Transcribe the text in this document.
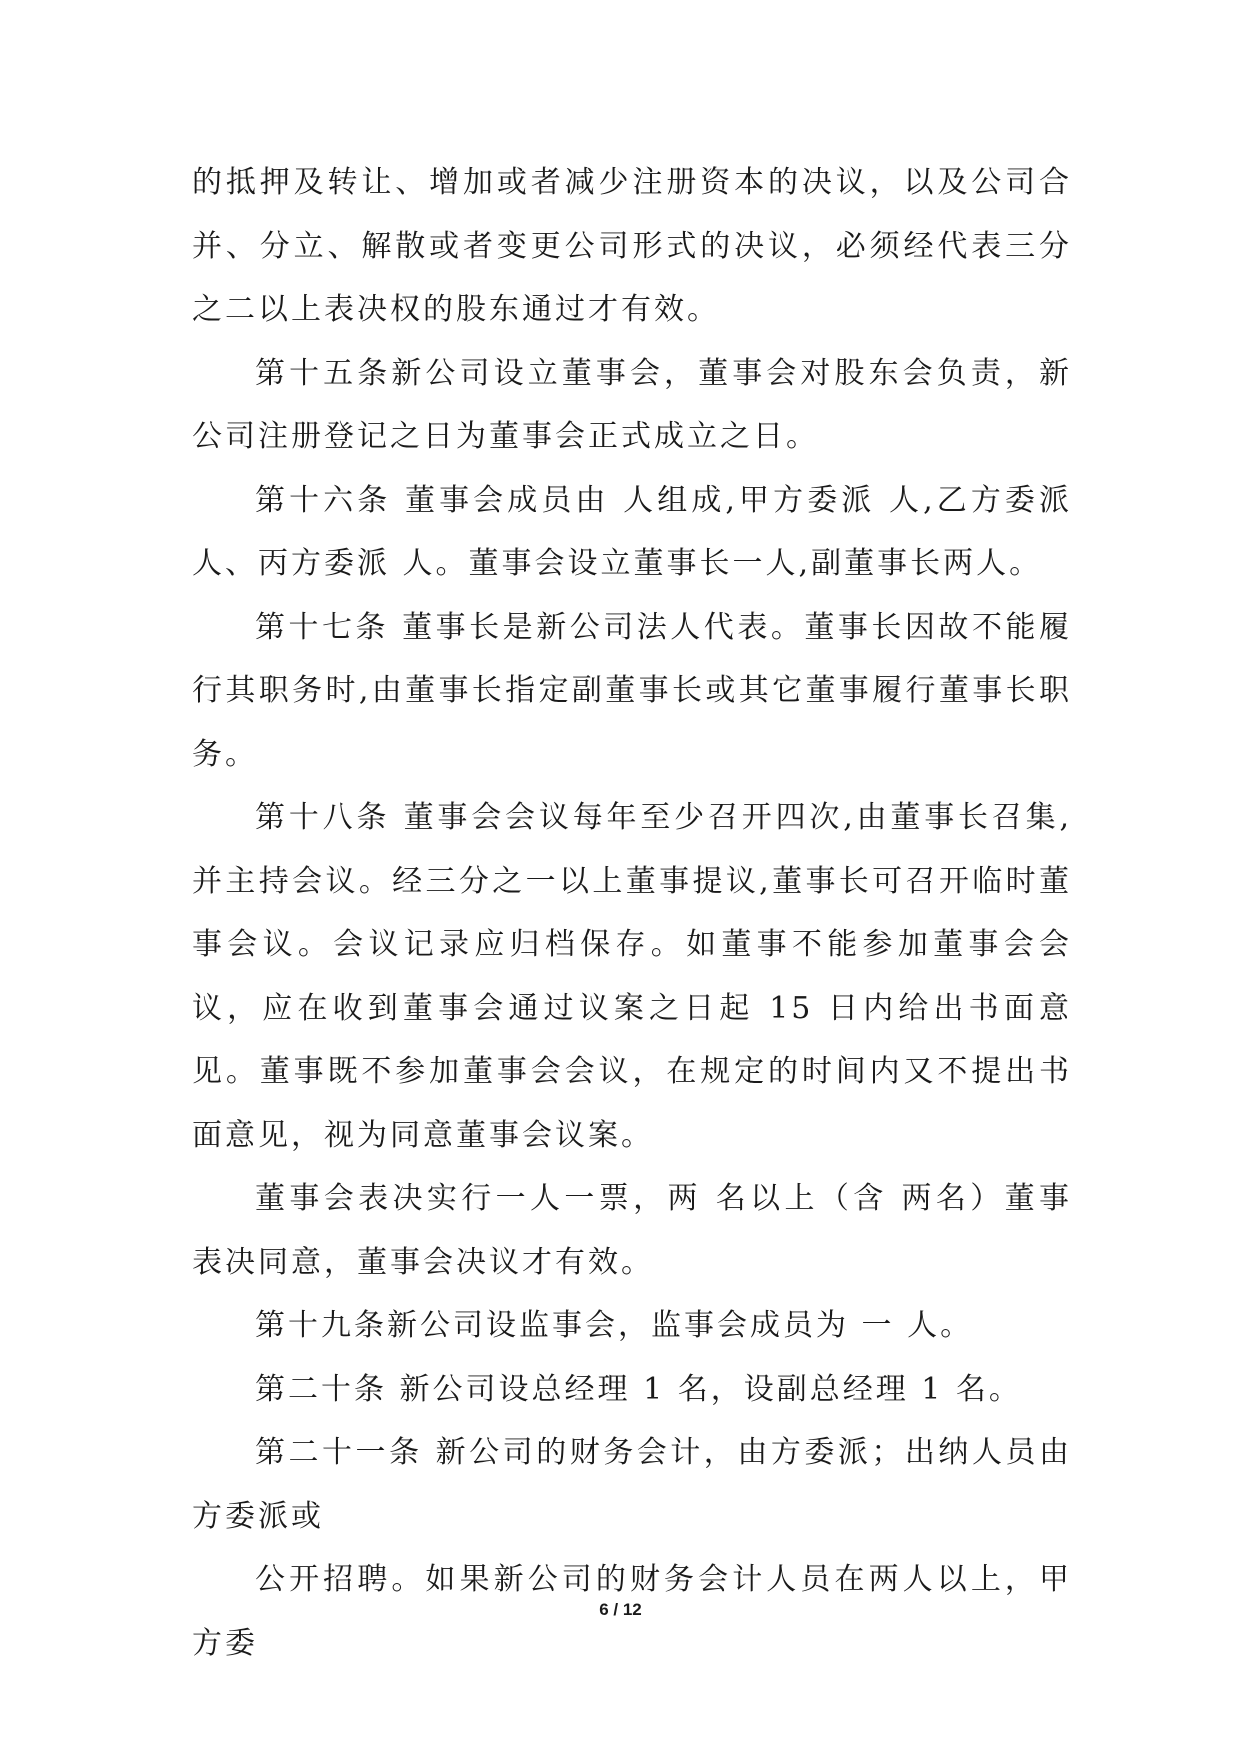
的抵押及转让、增加或者减少注册资本的决议，以及公司合并、分立、解散或者变更公司形式的决议，必须经代表三分之二以上表决权的股东通过才有效。

第十五条新公司设立董事会，董事会对股东会负责，新公司注册登记之日为董事会正式成立之日。

第十六条 董事会成员由 人组成,甲方委派 人,乙方委派 人、丙方委派 人。董事会设立董事长一人,副董事长两人。

第十七条 董事长是新公司法人代表。董事长因故不能履行其职务时,由董事长指定副董事长或其它董事履行董事长职务。

第十八条 董事会会议每年至少召开四次,由董事长召集,并主持会议。经三分之一以上董事提议,董事长可召开临时董事会议。会议记录应归档保存。如董事不能参加董事会会议，应在收到董事会通过议案之日起 15 日内给出书面意见。董事既不参加董事会会议，在规定的时间内又不提出书面意见，视为同意董事会议案。

董事会表决实行一人一票，两 名以上（含 两名）董事表决同意，董事会决议才有效。

第十九条新公司设监事会，监事会成员为 一 人。

第二十条 新公司设总经理 1 名，设副总经理 1 名。

第二十一条 新公司的财务会计，由方委派；出纳人员由 方委派或

公开招聘。如果新公司的财务会计人员在两人以上，甲方委

6 / 12
